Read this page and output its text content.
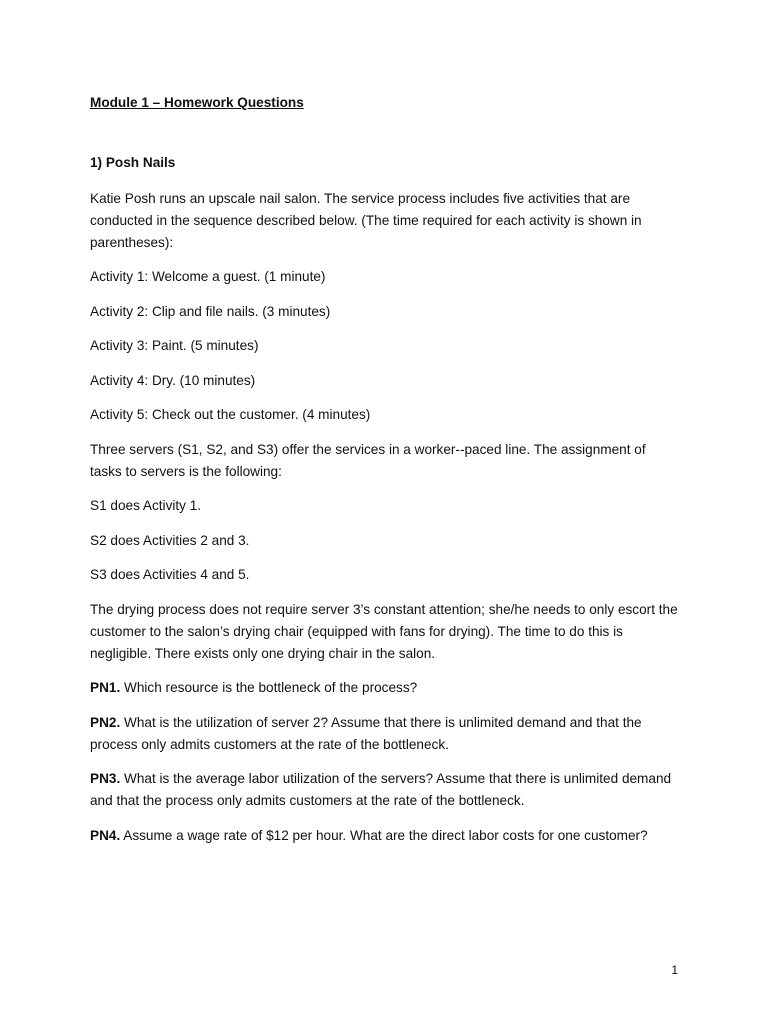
Module 1 – Homework Questions
1) Posh Nails

Katie Posh runs an upscale nail salon. The service process includes five activities that are conducted in the sequence described below. (The time required for each activity is shown in parentheses):

Activity 1: Welcome a guest. (1 minute)

Activity 2: Clip and file nails. (3 minutes)

Activity 3: Paint. (5 minutes)

Activity 4: Dry. (10 minutes)

Activity 5: Check out the customer. (4 minutes)

Three servers (S1, S2, and S3) offer the services in a worker-‐paced line. The assignment of tasks to servers is the following:

S1 does Activity 1.

S2 does Activities 2 and 3.

S3 does Activities 4 and 5.

The drying process does not require server 3’s constant attention; she/he needs to only escort the customer to the salon’s drying chair (equipped with fans for drying). The time to do this is negligible. There exists only one drying chair in the salon.

PN1. Which resource is the bottleneck of the process?

PN2. What is the utilization of server 2? Assume that there is unlimited demand and that the process only admits customers at the rate of the bottleneck.

PN3. What is the average labor utilization of the servers? Assume that there is unlimited demand and that the process only admits customers at the rate of the bottleneck.

PN4. Assume a wage rate of $12 per hour. What are the direct labor costs for one customer?

1
